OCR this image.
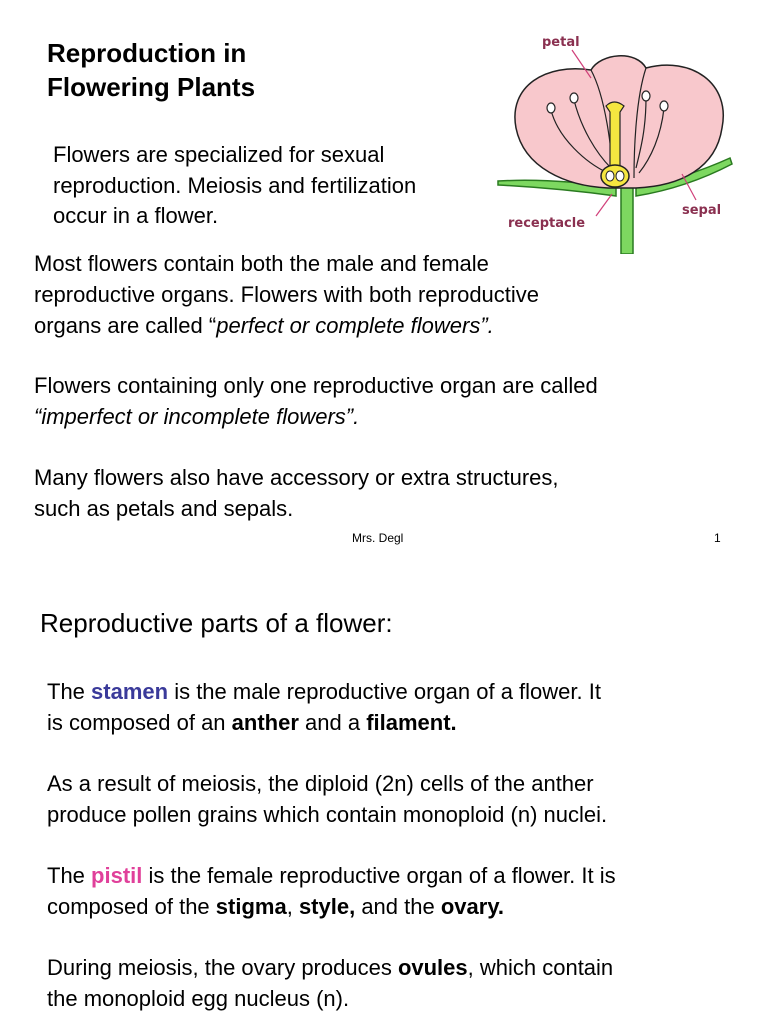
Reproduction in
Flowering Plants
Flowers are specialized for sexual
reproduction. Meiosis and fertilization
occur in a flower.
petal
sepal
receptacle
Most flowers contain both the male and female
reproductive organs. Flowers with both reproductive
organs are called “perfect or complete flowers”.
Flowers containing only one reproductive organ are called
“imperfect or incomplete flowers”.
Many flowers also have accessory or extra structures,
such as petals and sepals.
Mrs. Degl	1
Reproductive parts of a flower:
The stamen is the male reproductive organ of a flower. It
is composed of an anther and a filament.
As a result of meiosis, the diploid (2n) cells of the anther
produce pollen grains which contain monoploid (n) nuclei.
The pistil is the female reproductive organ of a flower. It is
composed of the stigma, style, and the ovary.
During meiosis, the ovary produces ovules, which contain
the monoploid egg nucleus (n).
